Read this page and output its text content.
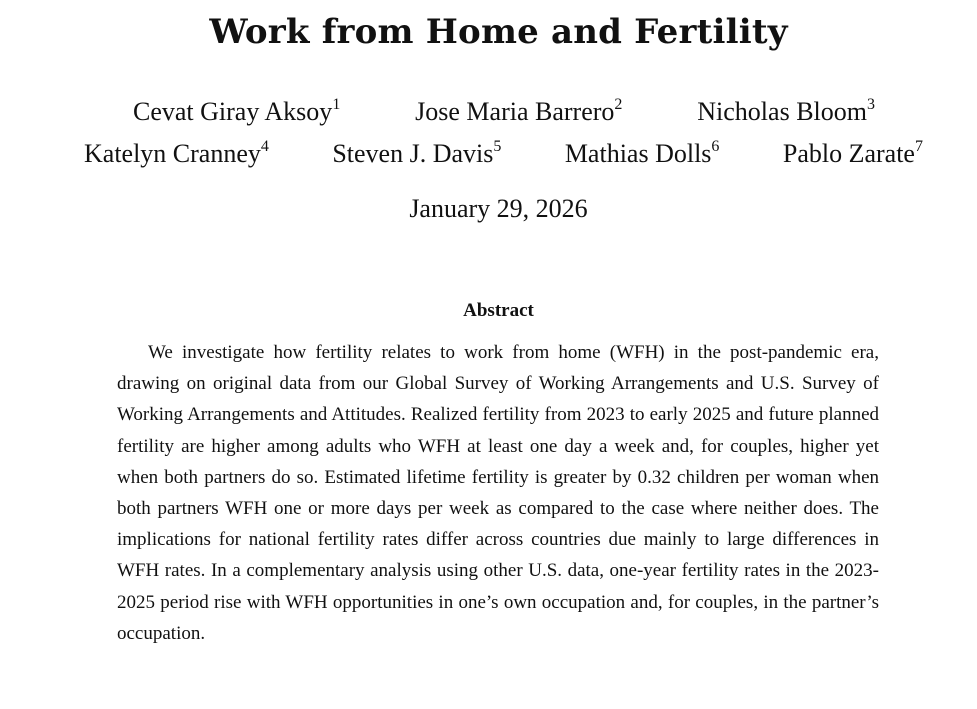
Work from Home and Fertility
Cevat Giray Aksoy$^1$	Jose Maria Barrero$^2$	Nicholas Bloom$^3$
Katelyn Cranney$^4$ Steven J. Davis$^5$ Mathias Dolls$^6$ Pablo Zarate$^7$
January 29, 2026
Abstract

We investigate how fertility relates to work from home (WFH) in the post-pandemic era, drawing on original data from our Global Survey of Working Arrangements and U.S. Survey of Working Arrangements and Attitudes. Realized fertility from 2023 to early 2025 and future planned fertility are higher among adults who WFH at least one day a week and, for couples, higher yet when both partners do so. Estimated lifetime fertility is greater by 0.32 children per woman when both partners WFH one or more days per week as compared to the case where neither does. The implications for national fertility rates differ across countries due mainly to large differences in WFH rates. In a complementary analysis using other U.S. data, one-year fertility rates in the 2023-2025 period rise with WFH opportunities in one’s own occupation and, for couples, in the partner’s occupation.
